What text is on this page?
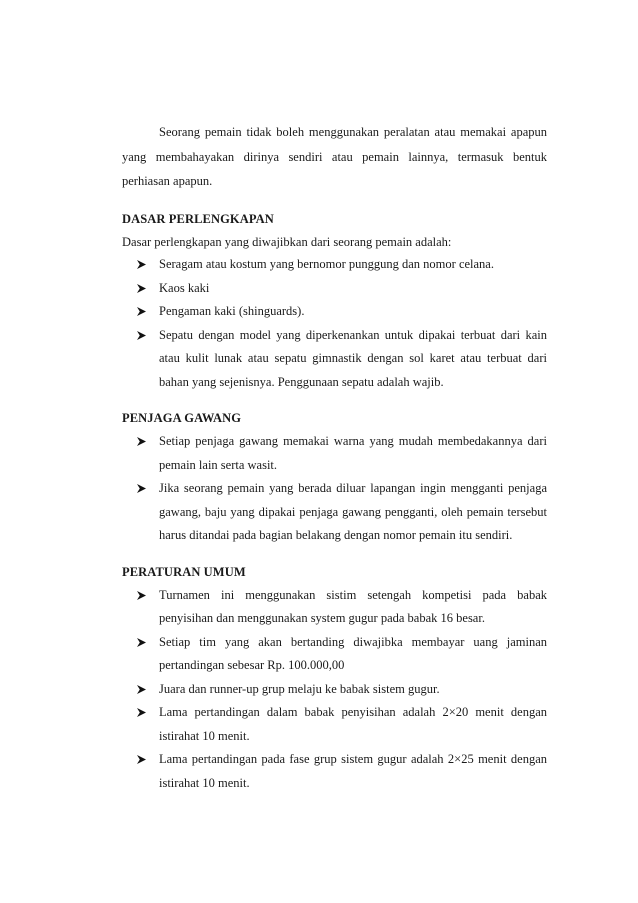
Seorang pemain tidak boleh menggunakan peralatan atau memakai apapun yang membahayakan dirinya sendiri atau pemain lainnya, termasuk bentuk perhiasan apapun.

DASAR PERLENGKAPAN

Dasar perlengkapan yang diwajibkan dari seorang pemain adalah:

Seragam atau kostum yang bernomor punggung dan nomor celana.
Kaos kaki
Pengaman kaki (shinguards).
Sepatu dengan model yang diperkenankan untuk dipakai terbuat dari kain atau kulit lunak atau sepatu gimnastik dengan sol karet atau terbuat dari bahan yang sejenisnya. Penggunaan sepatu adalah wajib.

PENJAGA GAWANG

Setiap penjaga gawang memakai warna yang mudah membedakannya dari pemain lain serta wasit.
Jika seorang pemain yang berada diluar lapangan ingin mengganti penjaga gawang, baju yang dipakai penjaga gawang pengganti, oleh pemain tersebut harus ditandai pada bagian belakang dengan nomor pemain itu sendiri.

PERATURAN UMUM

Turnamen ini menggunakan sistim setengah kompetisi pada babak penyisihan dan menggunakan system gugur pada babak 16 besar.
Setiap tim yang akan bertanding diwajibka membayar uang jaminan pertandingan sebesar Rp. 100.000,00
Juara dan runner-up grup melaju ke babak sistem gugur.
Lama pertandingan dalam babak penyisihan adalah 2×20 menit dengan istirahat 10 menit.
Lama pertandingan pada fase grup sistem gugur adalah 2×25 menit dengan istirahat 10 menit.
